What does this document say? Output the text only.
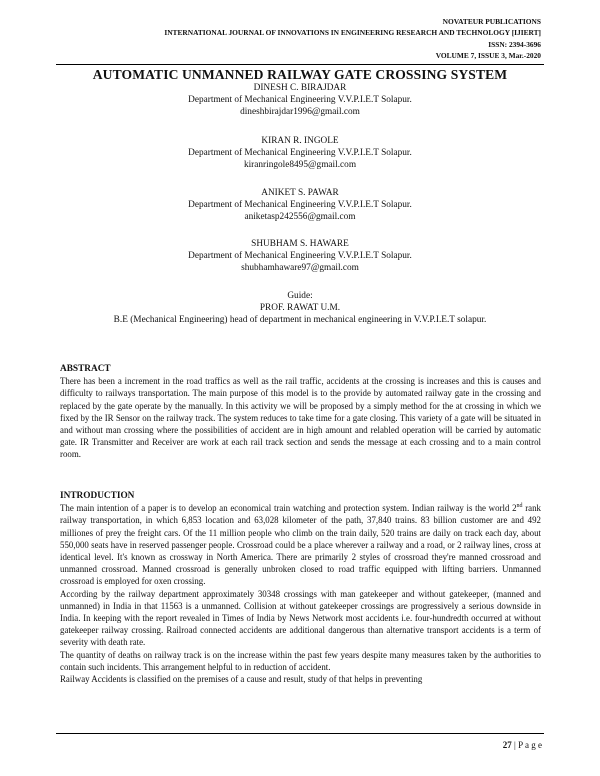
NOVATEUR PUBLICATIONS
INTERNATIONAL JOURNAL OF INNOVATIONS IN ENGINEERING RESEARCH AND TECHNOLOGY [IJIERT]
ISSN: 2394-3696
VOLUME 7, ISSUE 3, Mar.-2020
AUTOMATIC UNMANNED RAILWAY GATE CROSSING SYSTEM
DINESH C. BIRAJDAR
Department of Mechanical Engineering V.V.P.I.E.T Solapur.
dineshbirajdar1996@gmail.com
KIRAN R. INGOLE
Department of Mechanical Engineering V.V.P.I.E.T Solapur.
kiranringole8495@gmail.com
ANIKET S. PAWAR
Department of Mechanical Engineering V.V.P.I.E.T Solapur.
aniketasp242556@gmail.com
SHUBHAM S. HAWARE
Department of Mechanical Engineering V.V.P.I.E.T Solapur.
shubhamhaware97@gmail.com
Guide:
PROF. RAWAT U.M.
B.E (Mechanical Engineering) head of department in mechanical engineering in V.V.P.I.E.T solapur.

ABSTRACT

There has been a increment in the road traffics as well as the rail traffic, accidents at the crossing is increases and this is causes and difficulty to railways transportation. The main purpose of this model is to the provide by automated railway gate in the crossing and replaced by the gate operate by the manually. In this activity we will be proposed by a simply method for the at crossing in which we fixed by the IR Sensor on the railway track. The system reduces to take time for a gate closing. This variety of a gate will be situated in and without man crossing where the possibilities of accident are in high amount and relabled operation will be carried by automatic gate. IR Transmitter and Receiver are work at each rail track section and sends the message at each crossing and to a main control room.

INTRODUCTION

The main intention of a paper is to develop an economical train watching and protection system. Indian railway is the world 2nd rank railway transportation, in which 6,853 location and 63,028 kilometer of the path, 37,840 trains. 83 billion customer are and 492 milliones of prey the freight cars. Of the 11 million people who climb on the train daily, 520 trains are daily on track each day, about 550,000 seats have in reserved passenger people. Crossroad could be a place wherever a railway and a road, or 2 railway lines, cross at identical level. It's known as crossway in North America. There are primarily 2 styles of crossroad they're manned crossroad and unmanned crossroad. Manned crossroad is generally unbroken closed to road traffic equipped with lifting barriers. Unmanned crossroad is employed for oxen crossing.

According by the railway department approximately 30348 crossings with man gatekeeper and without gatekeeper, (manned and unmanned) in India in that 11563 is a unmanned. Collision at without gatekeeper crossings are progressively a serious downside in India. In keeping with the report revealed in Times of India by News Network most accidents i.e. four-hundredth occurred at without gatekeeper railway crossing. Railroad connected accidents are additional dangerous than alternative transport accidents is a term of severity with death rate.

The quantity of deaths on railway track is on the increase within the past few years despite many measures taken by the authorities to contain such incidents. This arrangement helpful to in reduction of accident.

Railway Accidents is classified on the premises of a cause and result, study of that helps in preventing

27 | P a g e
